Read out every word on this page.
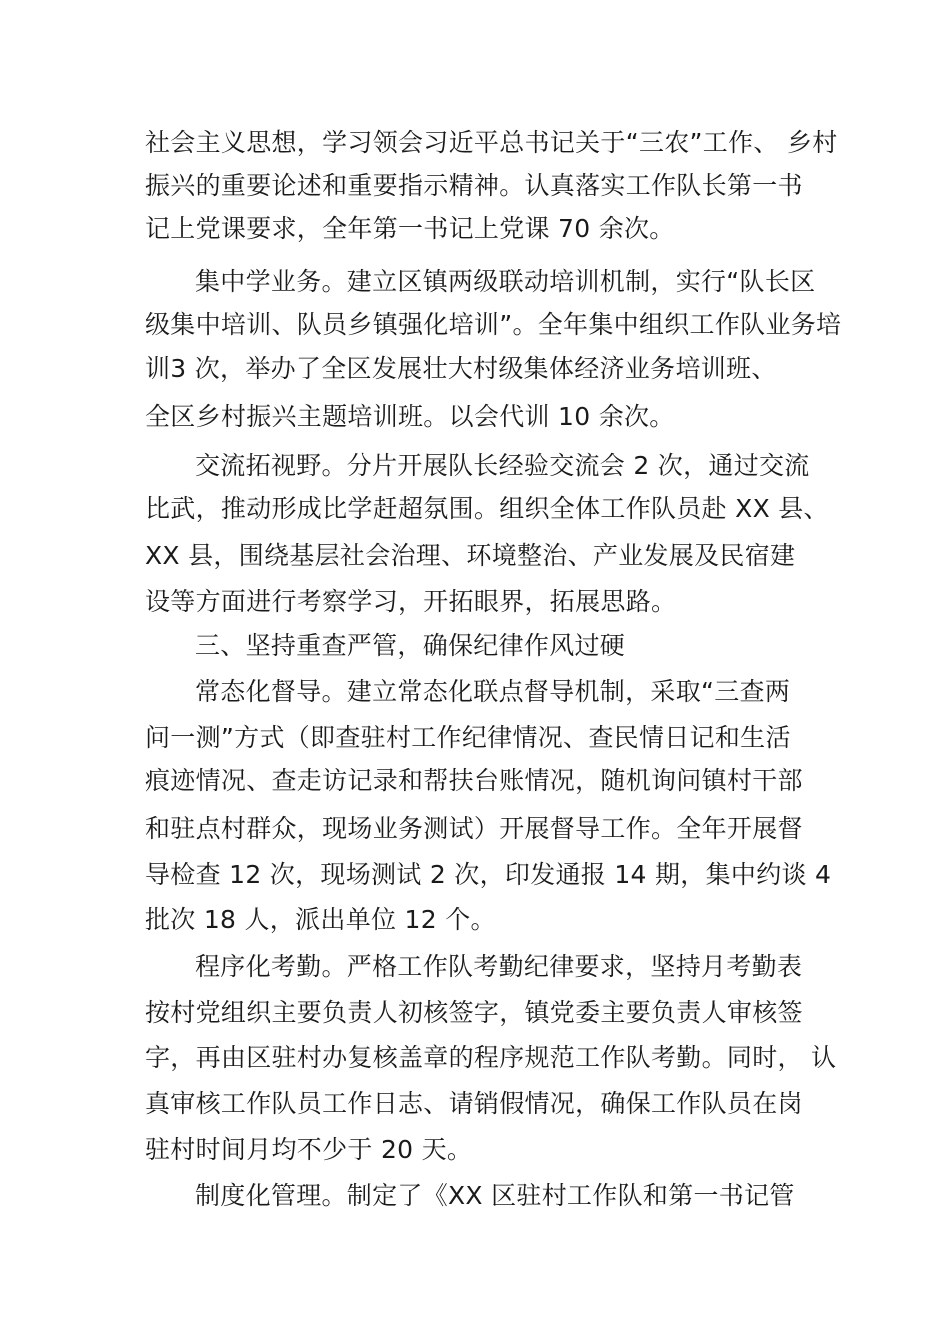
社会主义思想，学习领会习近平总书记关于“三农”工作、 乡村
振兴的重要论述和重要指示精神。认真落实工作队长第一书
记上党课要求，全年第一书记上党课 70 余次。
集中学业务。建立区镇两级联动培训机制，实行“队长区
级集中培训、队员乡镇强化培训”。全年集中组织工作队业务培
训3 次，举办了全区发展壮大村级集体经济业务培训班、
全区乡村振兴主题培训班。以会代训 10 余次。
交流拓视野。分片开展队长经验交流会 2 次，通过交流
比武，推动形成比学赶超氛围。组织全体工作队员赴 XX 县、
XX 县，围绕基层社会治理、环境整治、产业发展及民宿建
设等方面进行考察学习，开拓眼界，拓展思路。
三、坚持重查严管，确保纪律作风过硬
常态化督导。建立常态化联点督导机制，采取“三查两
问一测”方式（即查驻村工作纪律情况、查民情日记和生活
痕迹情况、查走访记录和帮扶台账情况，随机询问镇村干部
和驻点村群众，现场业务测试）开展督导工作。全年开展督
导检查 12 次，现场测试 2 次，印发通报 14 期，集中约谈 4
批次 18 人，派出单位 12 个。
程序化考勤。严格工作队考勤纪律要求，坚持月考勤表
按村党组织主要负责人初核签字，镇党委主要负责人审核签
字，再由区驻村办复核盖章的程序规范工作队考勤。同时， 认
真审核工作队员工作日志、请销假情况，确保工作队员在岗
驻村时间月均不少于 20 天。
制度化管理。制定了《XX 区驻村工作队和第一书记管
